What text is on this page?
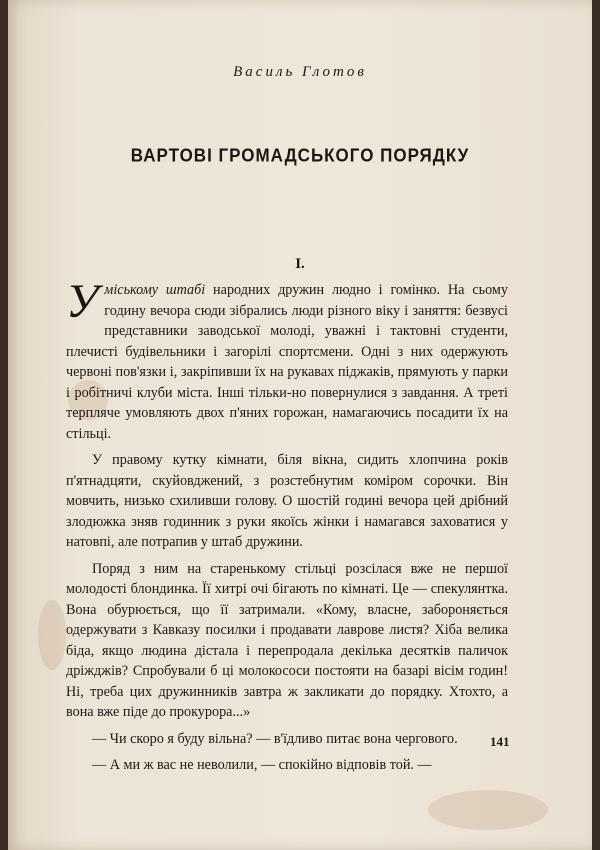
Василь Глотов
ВАРТОВІ ГРОМАДСЬКОГО ПОРЯДКУ
I.

Уміському штабі народних дружин людно і гомінко. На сьому годину вечора сюди зібрались люди різного віку і заняття: безвусі представники заводської молоді, уважні і тактовні студенти, плечисті будівельники і загорілі спортсмени. Одні з них одержують червоні пов'язки і, закріпивши їх на рукавах піджаків, прямують у парки і робітничі клуби міста. Інші тільки-но повернулися з завдання. А треті терпляче умовляють двох п'яних горожан, намагаючись посадити їх на стільці.

У правому кутку кімнати, біля вікна, сидить хлопчина років п'ятнадцяти, скуйовджений, з розстебнутим коміром сорочки. Він мовчить, низько схиливши голову. О шостій годині вечора цей дрібний злодюжка зняв годинник з руки якоїсь жінки і намагався заховатися у натовпі, але потрапив у штаб дружини.

Поряд з ним на старенькому стільці розсілася вже не першої молодості блондинка. Її хитрі очі бігають по кімнаті. Це — спекулянтка. Вона обурюється, що її затримали. «Кому, власне, забороняється одержувати з Кавказу посилки і продавати лаврове листя? Хіба велика біда, якщо людина дістала і перепродала декілька десятків паличок дріжджів? Спробували б ці молокососи постояти на базарі вісім годин! Ні, треба цих дружинників завтра ж закликати до порядку. Хтохто, а вона вже піде до прокурора...»

— Чи скоро я буду вільна? — в'їдливо питає вона чергового.

— А ми ж вас не неволили, — спокійно відповів той. —

141
